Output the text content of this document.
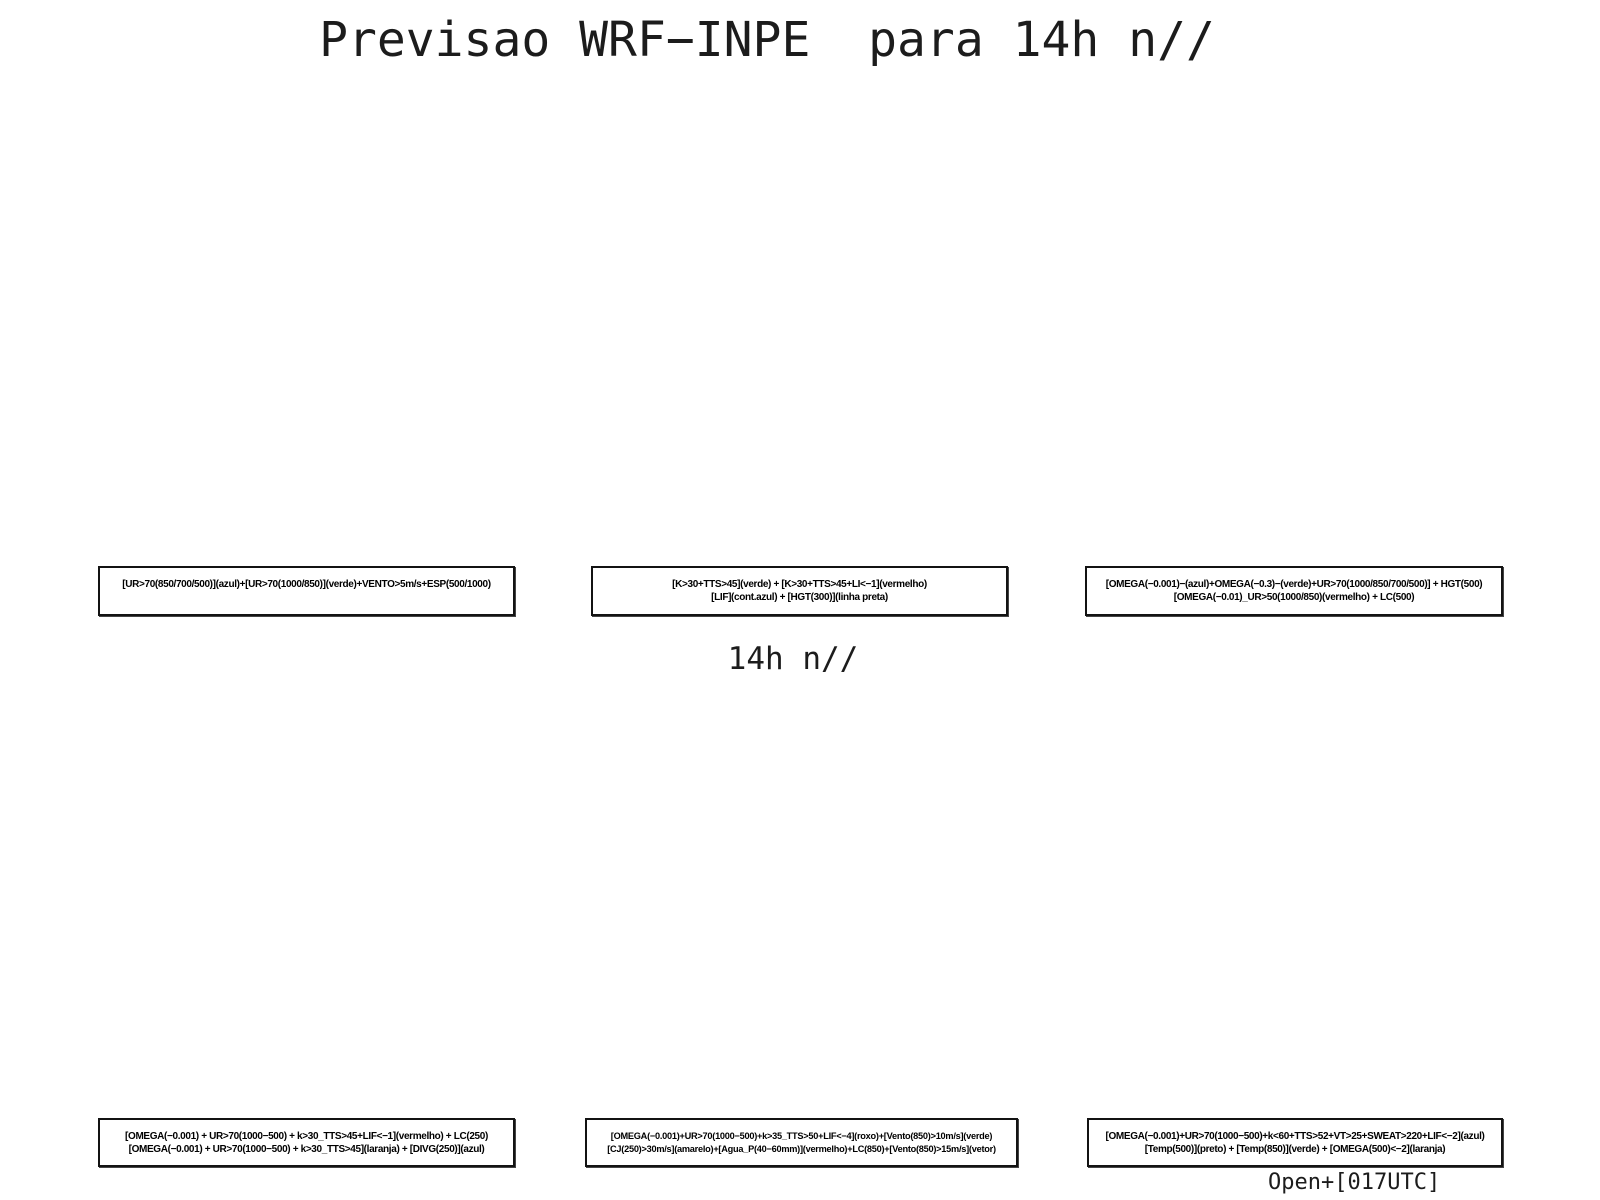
Previsao WRF−INPE  para 14h n//
[UR>70(850/700/500)](azul)+[UR>70(1000/850)](verde)+VENTO>5m/s+ESP(500/1000)	[K>30+TTS>45](verde) + [K>30+TTS>45+LI<−1](vermelho)
[LIF](cont.azul) + [HGT(300)](linha preta)
[OMEGA(−0.001)−(azul)+OMEGA(−0.3)−(verde)+UR>70(1000/850/700/500)] + HGT(500)
[OMEGA(−0.01)_UR>50(1000/850)(vermelho) + LC(500)
14h n//
[OMEGA(−0.001) + UR>70(1000−500) + k>30_TTS>45+LIF<−1](vermelho) + LC(250)
[OMEGA(−0.001) + UR>70(1000−500) + k>30_TTS>45](laranja) + [DIVG(250)](azul)
[OMEGA(−0.001)+UR>70(1000−500)+k>35_TTS>50+LIF<−4](roxo)+[Vento(850)>10m/s](verde)
[CJ(250)>30m/s](amarelo)+[Agua_P(40−60mm)](vermelho)+LC(850)+[Vento(850)>15m/s](vetor)
[OMEGA(−0.001)+UR>70(1000−500)+k<60+TTS>52+VT>25+SWEAT>220+LIF<−2](azul)
[Temp(500)](preto) + [Temp(850)](verde) + [OMEGA(500)<−2](laranja)
Open+[017UTC]
